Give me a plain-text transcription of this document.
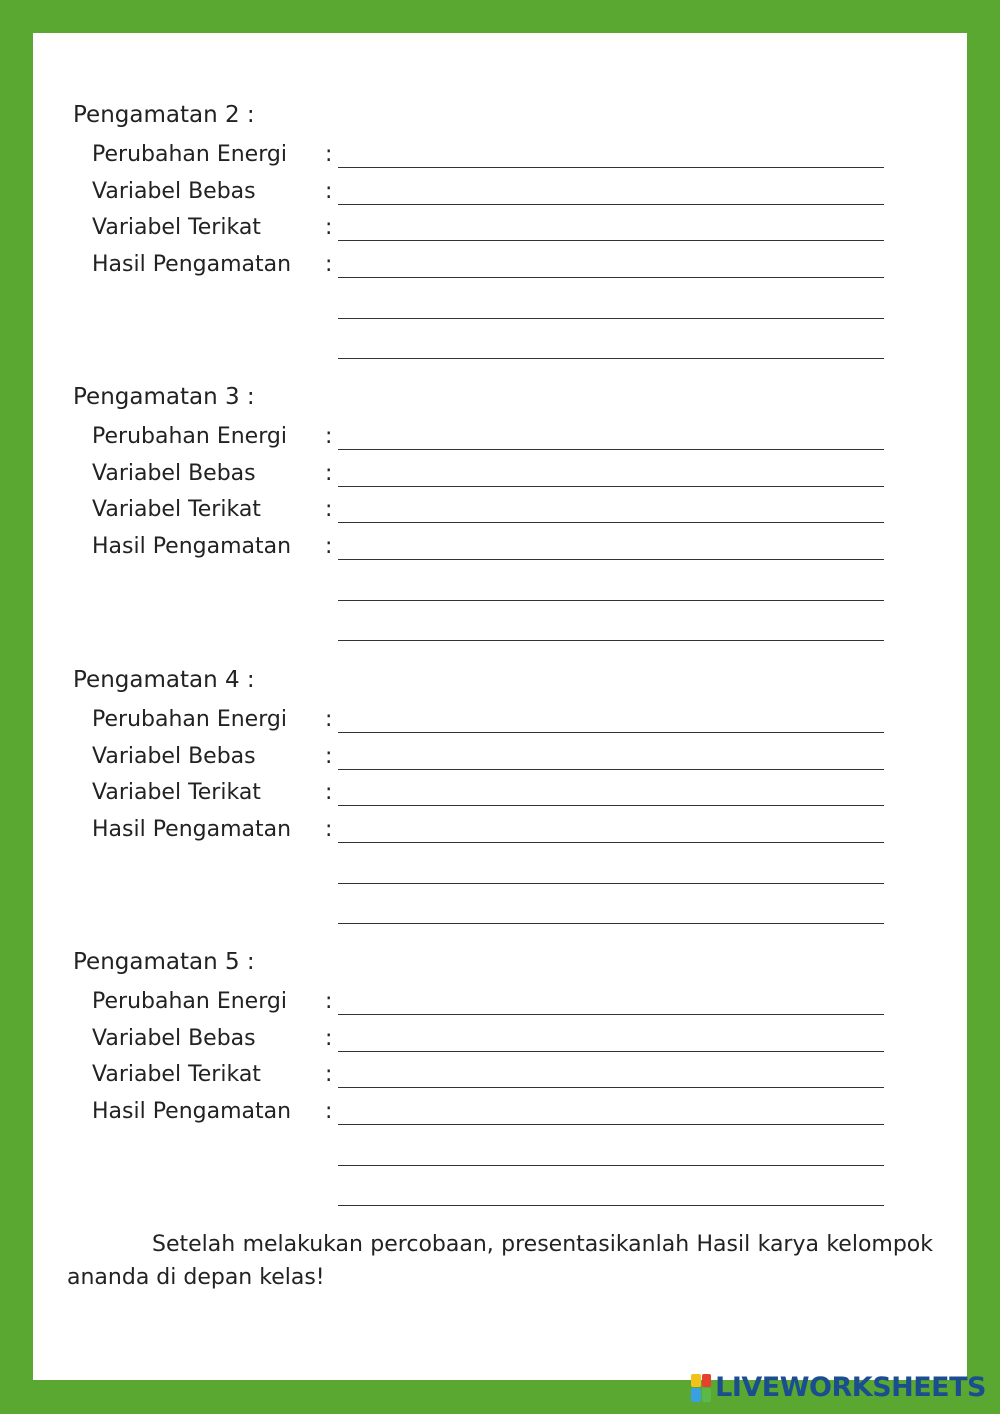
Pengamatan 2 :
Perubahan Energi :
Variabel Bebas	:
Variabel Terikat	:
Hasil Pengamatan :
Pengamatan 3 :
Perubahan Energi :
Variabel Bebas	:
Variabel Terikat	:
Hasil Pengamatan :
Pengamatan 4 :
Perubahan Energi :
Variabel Bebas	:
Variabel Terikat	:
Hasil Pengamatan :
Pengamatan 5 :
Perubahan Energi :
Variabel Bebas	:
Variabel Terikat	:
Hasil Pengamatan :

Setelah melakukan percobaan, presentasikanlah Hasil karya kelompok ananda di depan kelas!

LIVEWORKSHEETS
